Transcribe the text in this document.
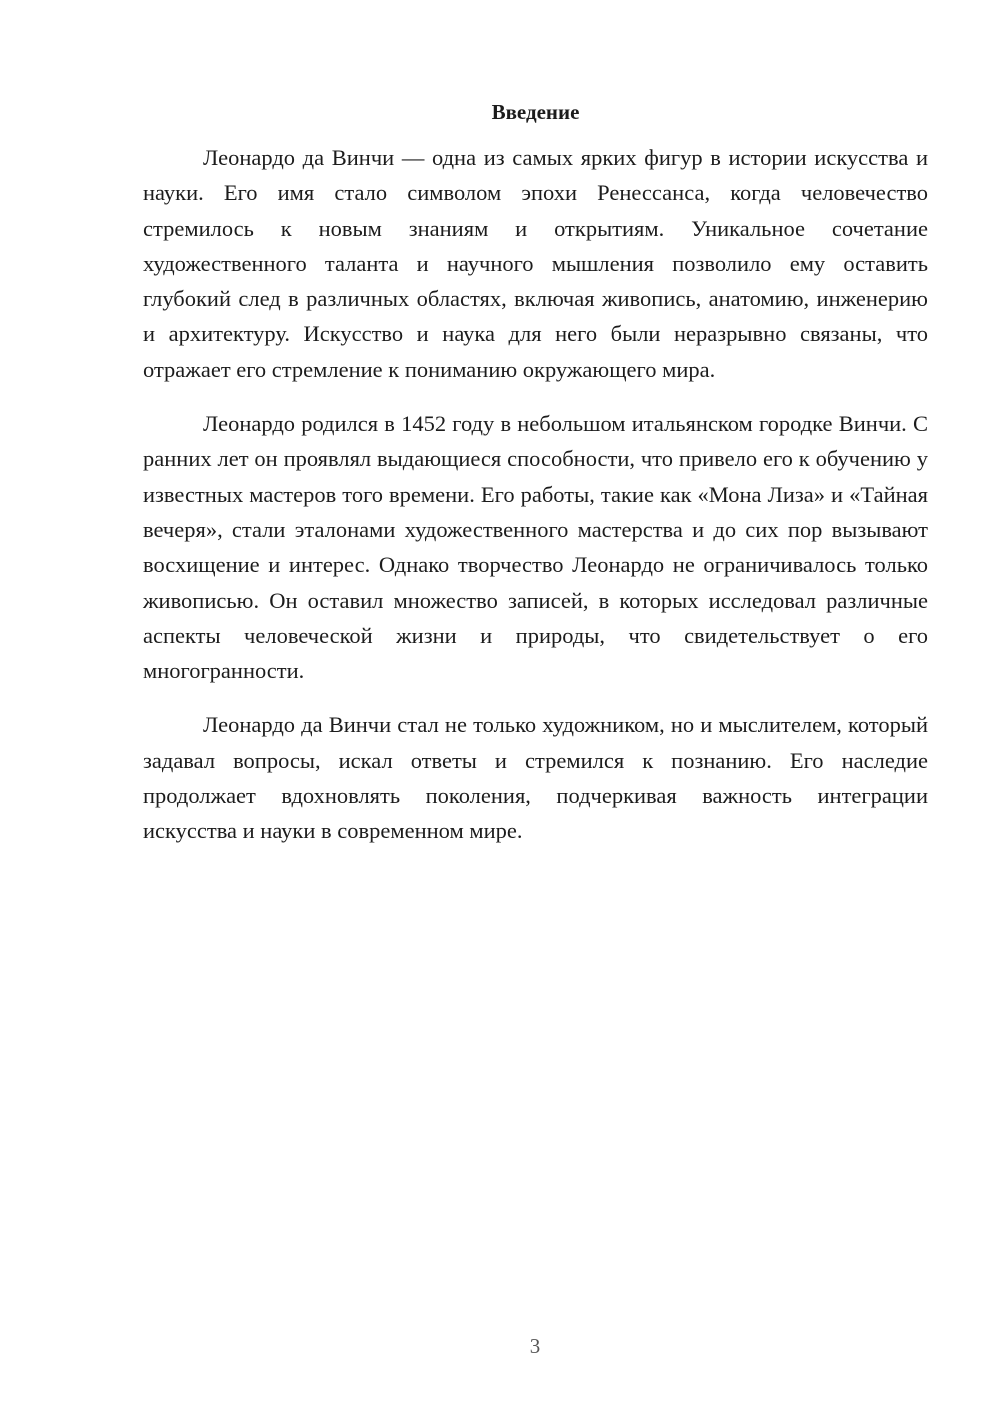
Введение

Леонардо да Винчи — одна из самых ярких фигур в истории искусства и науки. Его имя стало символом эпохи Ренессанса, когда человечество стремилось к новым знаниям и открытиям. Уникальное сочетание художественного таланта и научного мышления позволило ему оставить глубокий след в различных областях, включая живопись, анатомию, инженерию и архитектуру. Искусство и наука для него были неразрывно связаны, что отражает его стремление к пониманию окружающего мира.

Леонардо родился в 1452 году в небольшом итальянском городке Винчи. С ранних лет он проявлял выдающиеся способности, что привело его к обучению у известных мастеров того времени. Его работы, такие как «Мона Лиза» и «Тайная вечеря», стали эталонами художественного мастерства и до сих пор вызывают восхищение и интерес. Однако творчество Леонардо не ограничивалось только живописью. Он оставил множество записей, в которых исследовал различные аспекты человеческой жизни и природы, что свидетельствует о его многогранности.

Леонардо да Винчи стал не только художником, но и мыслителем, который задавал вопросы, искал ответы и стремился к познанию. Его наследие продолжает вдохновлять поколения, подчеркивая важность интеграции искусства и науки в современном мире.

3
